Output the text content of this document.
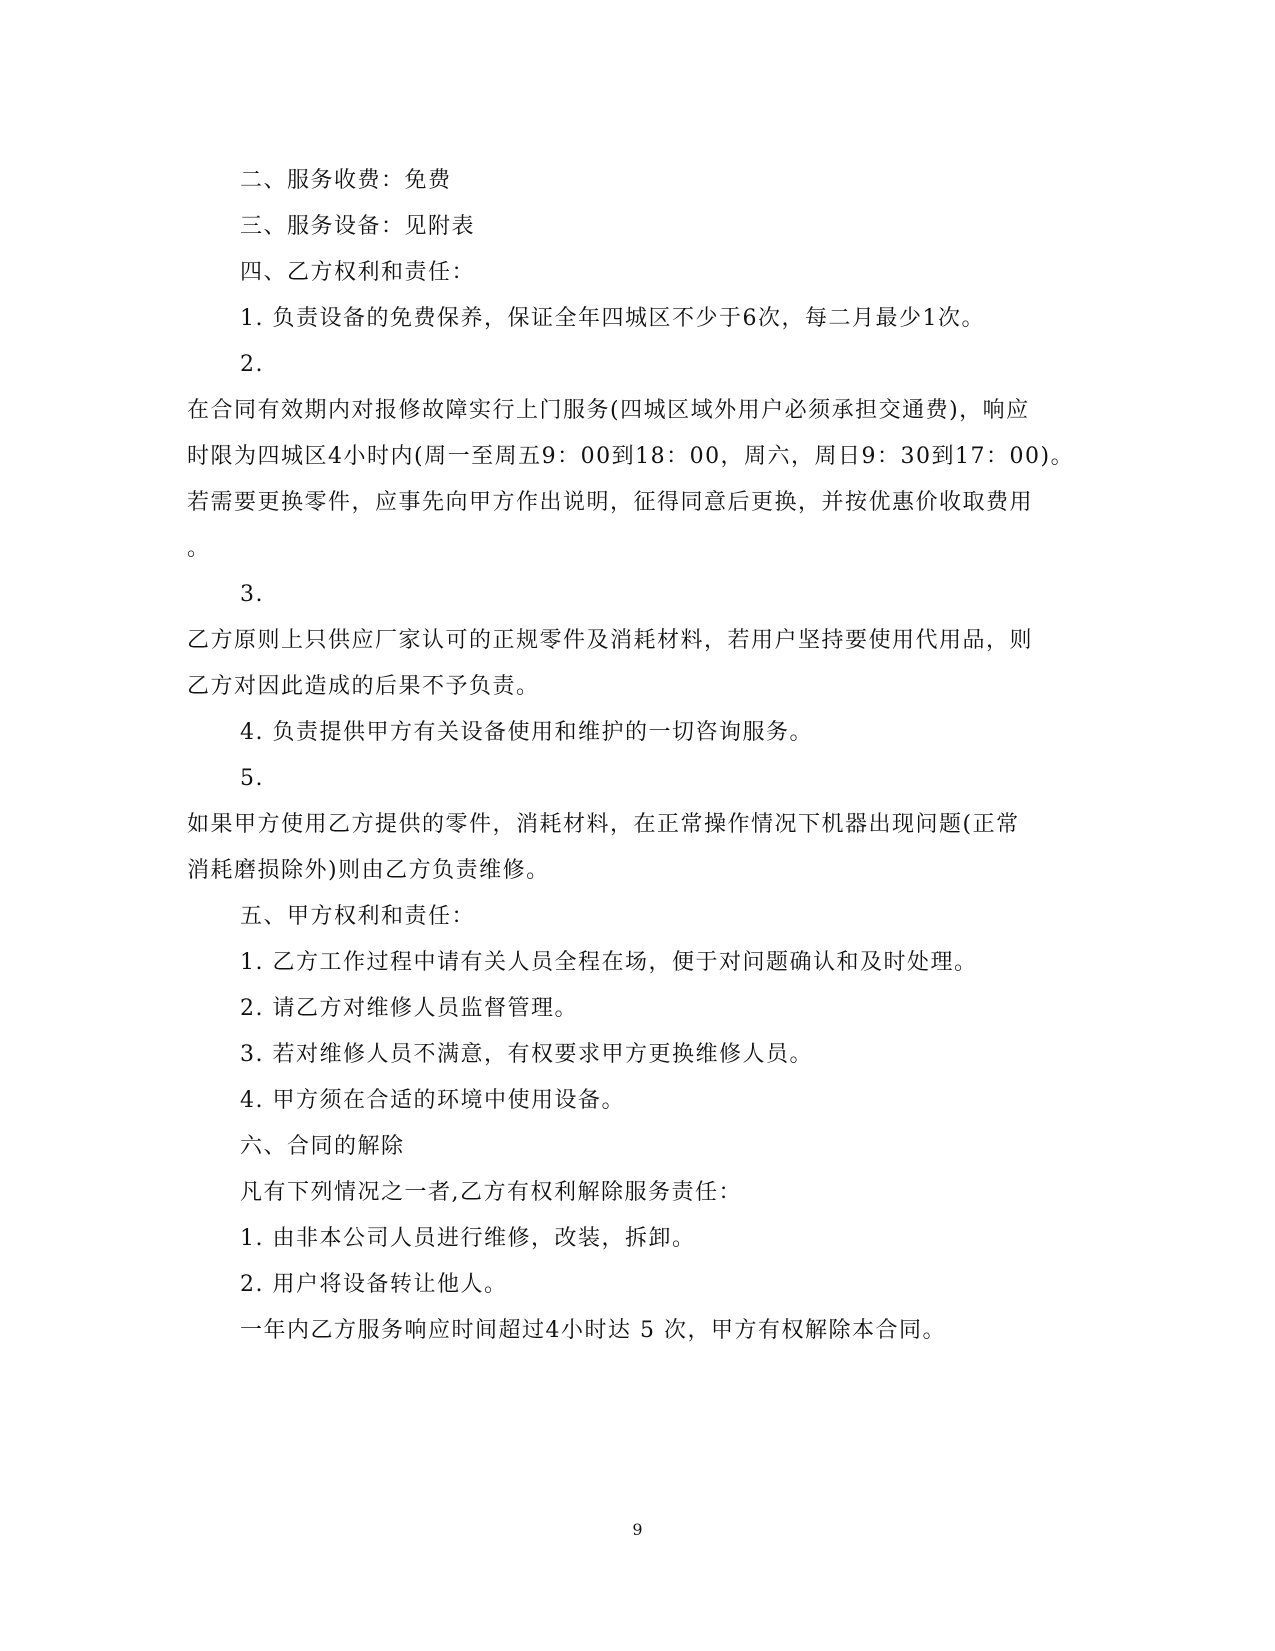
二、服务收费：免费

三、服务设备：见附表

四、乙方权利和责任：

1. 负责设备的免费保养，保证全年四城区不少于6次，每二月最少1次。

2.

在合同有效期内对报修故障实行上门服务(四城区域外用户必须承担交通费)，响应

时限为四城区4小时内(周一至周五9：00到18：00，周六，周日9：30到17：00)。

若需要更换零件，应事先向甲方作出说明，征得同意后更换，并按优惠价收取费用

。

3.

乙方原则上只供应厂家认可的正规零件及消耗材料，若用户坚持要使用代用品，则

乙方对因此造成的后果不予负责。

4. 负责提供甲方有关设备使用和维护的一切咨询服务。

5.

如果甲方使用乙方提供的零件，消耗材料，在正常操作情况下机器出现问题(正常

消耗磨损除外)则由乙方负责维修。

五、甲方权利和责任：

1. 乙方工作过程中请有关人员全程在场，便于对问题确认和及时处理。

2. 请乙方对维修人员监督管理。

3. 若对维修人员不满意，有权要求甲方更换维修人员。

4. 甲方须在合适的环境中使用设备。

六、合同的解除

凡有下列情况之一者,乙方有权利解除服务责任：

1. 由非本公司人员进行维修，改装，拆卸。

2. 用户将设备转让他人。

一年内乙方服务响应时间超过4小时达 5 次，甲方有权解除本合同。

9
